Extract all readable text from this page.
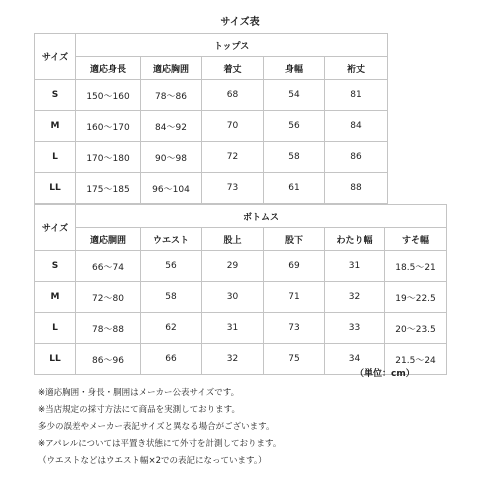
サイズ表
サイズ	トップス				
	適応身長	適応胸囲	着丈	身幅	裄丈
S	150〜160	78〜86	68	54	81
M	160〜170	84〜92	70	56	84
L	170〜180	90〜98	72	58	86
LL	175〜185	96〜104	73	61	88
サイズ	ボトムス					
	適応胴囲	ウエスト	股上	股下	わたり幅	すそ幅
S	66〜74	56	29	69	31	18.5〜21
M	72〜80	58	30	71	32	19〜22.5
L	78〜88	62	31	73	33	20〜23.5
LL	86〜96	66	32	75	34	21.5〜24
（単位：cm）
※適応胸囲・身長・胴囲はメーカー公表サイズです。
※当店規定の採寸方法にて商品を実測しております。
多少の誤差やメーカー表記サイズと異なる場合がございます。
※アパレルについては平置き状態にて外寸を計測しております。
（ウエストなどはウエスト幅×2での表記になっています。）
